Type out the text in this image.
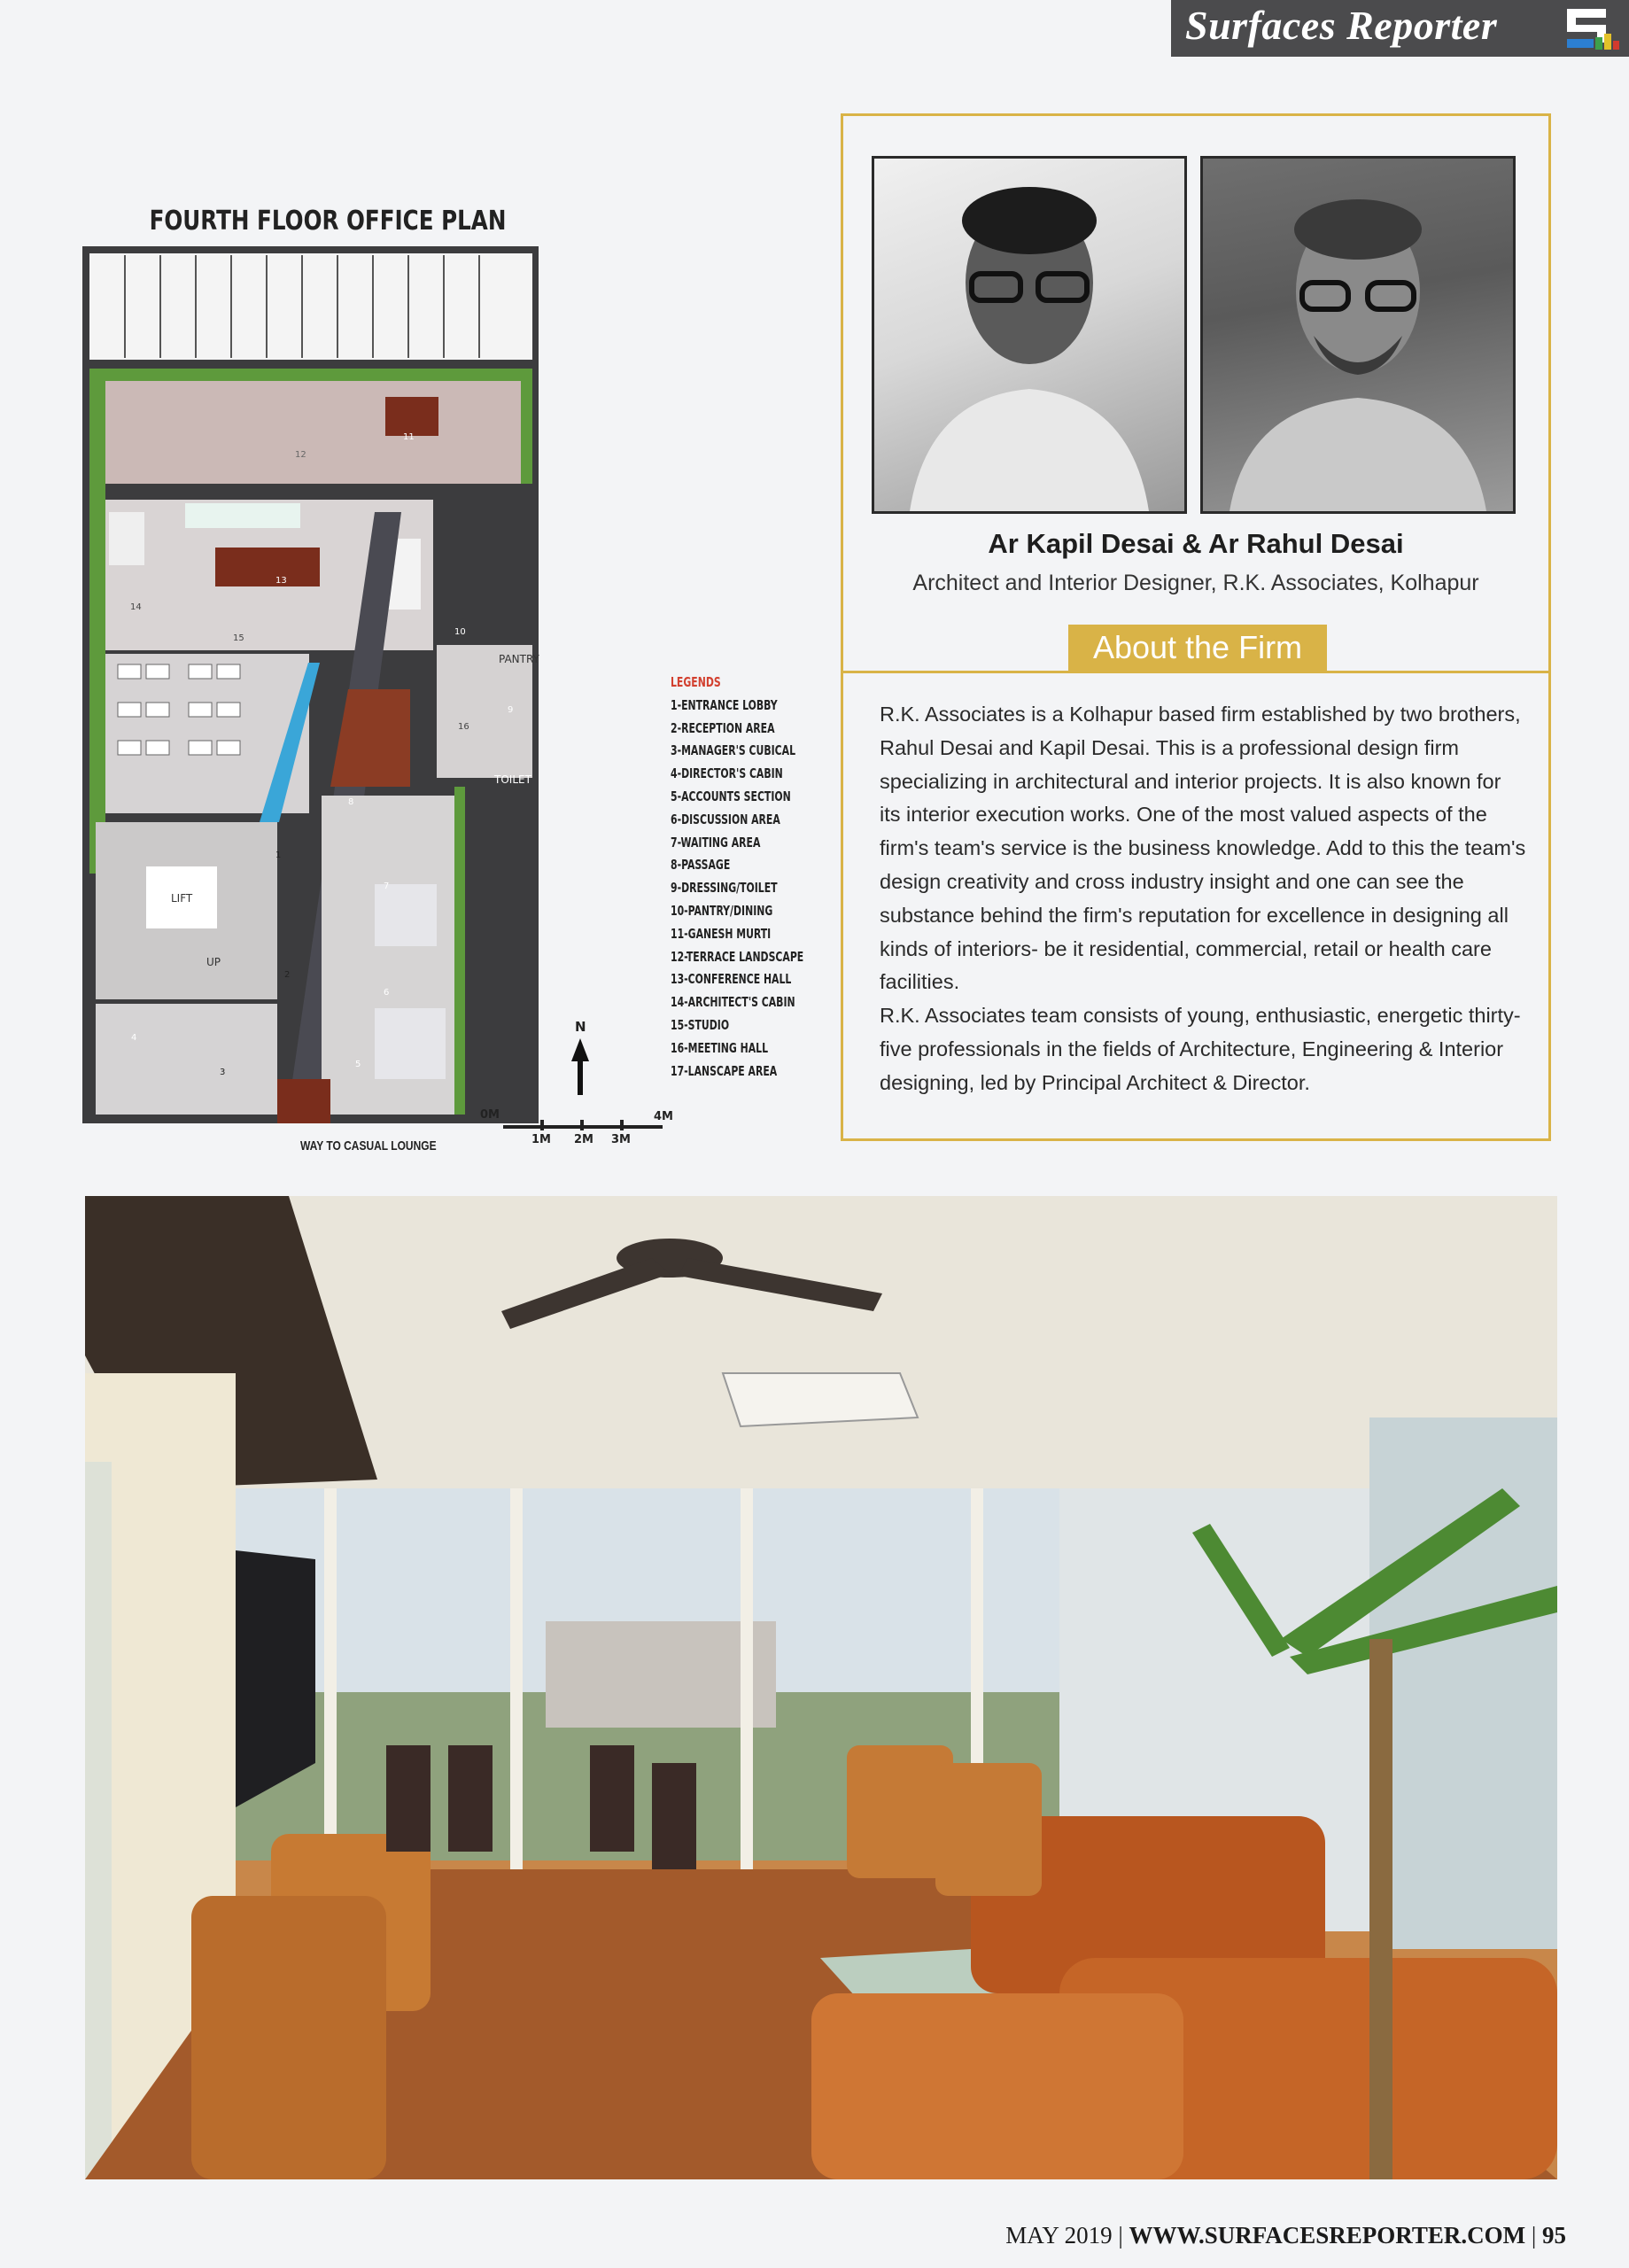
Surfaces Reporter
FOURTH FLOOR OFFICE PLAN
LIFT
UP
PANTRY
TOILET
1
2
3
4
5
6
7
8
9
10
11
12
13
14
15
16
LEGENDS
1-ENTRANCE LOBBY
2-RECEPTION AREA
3-MANAGER'S CUBICAL
4-DIRECTOR'S CABIN
5-ACCOUNTS SECTION
6-DISCUSSION AREA
7-WAITING AREA
8-PASSAGE
9-DRESSING/TOILET
10-PANTRY/DINING
11-GANESH MURTI
12-TERRACE LANDSCAPE
13-CONFERENCE HALL
14-ARCHITECT'S CABIN
15-STUDIO
16-MEETING HALL
17-LANSCAPE AREA
N
0M
1M 2M 3M
4M
WAY TO CASUAL LOUNGE
Ar Kapil Desai & Ar Rahul Desai
Architect and Interior Designer, R.K. Associates, Kolhapur
About the Firm

R.K. Associates is a Kolhapur based firm established by two brothers, Rahul Desai and Kapil Desai. This is a professional design firm specializing in architectural and interior projects. It is also known for its interior execution works. One of the most valued aspects of the firm's team's service is the business knowledge. Add to this the team's design creativity and cross industry insight and one can see the substance behind the firm's reputation for excellence in designing all kinds of interiors- be it residential, commercial, retail or health care facilities.

R.K. Associates team consists of young, enthusiastic, energetic thirty- five professionals in the fields of Architecture, Engineering & Interior designing, led by Principal Architect & Director.

MAY 2019 | WWW.SURFACESREPORTER.COM | 95
